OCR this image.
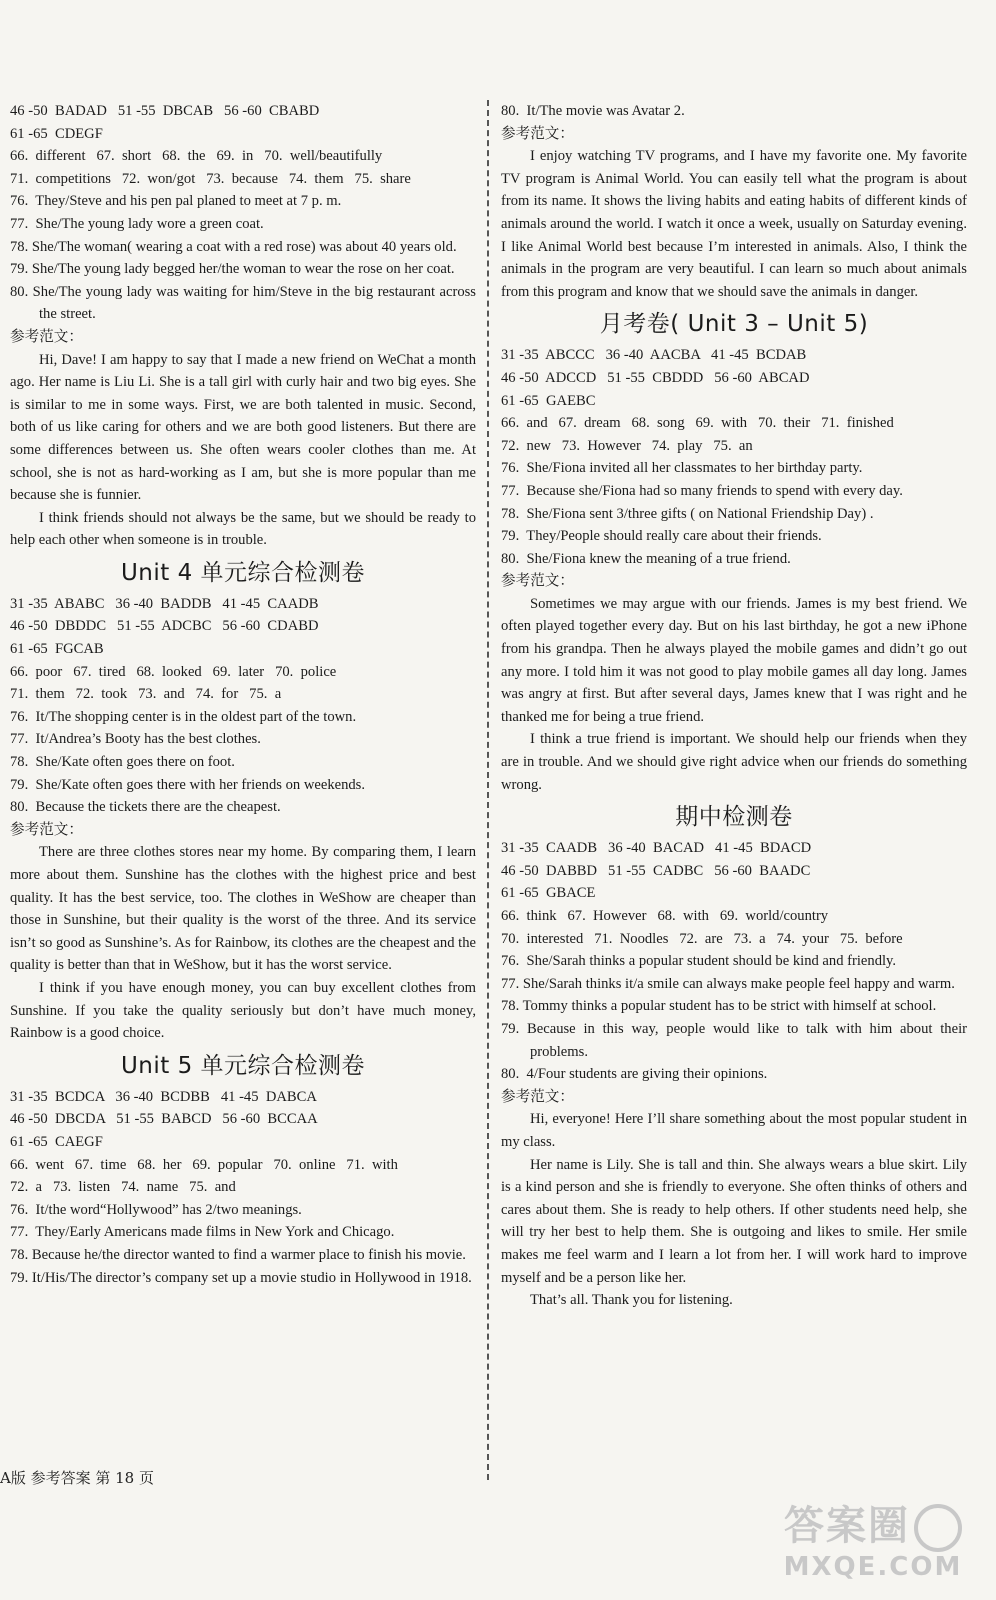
46 -50  BADAD   51 -55  DBCAB   56 -60  CBABD
61 -65  CDEGF
66.  different   67.  short   68.  the   69.  in   70.  well/beautifully
71.  competitions   72.  won/got   73.  because   74.  them   75.  share
76.  They/Steve and his pen pal planed to meet at 7 p. m.
77.  She/The young lady wore a green coat.
78. She/The woman( wearing a coat with a red rose) was about 40 years old.
79. She/The young lady begged her/the woman to wear the rose on her coat.
80. She/The young lady was waiting for him/Steve in the big restaurant across the street.
参考范文：
Hi, Dave! I am happy to say that I made a new friend on WeChat a month ago. Her name is Liu Li. She is a tall girl with curly hair and two big eyes. She is similar to me in some ways. First, we are both talented in music. Second, both of us like caring for others and we are both good listeners. But there are some differences between us. She often wears cooler clothes than me. At school, she is not as hard-working as I am, but she is more popular than me because she is funnier.
I think friends should not always be the same, but we should be ready to help each other when someone is in trouble.
Unit 4 单元综合检测卷
31 -35  ABABC   36 -40  BADDB   41 -45  CAADB
46 -50  DBDDC   51 -55  ADCBC   56 -60  CDABD
61 -65  FGCAB
66.  poor   67.  tired   68.  looked   69.  later   70.  police
71.  them   72.  took   73.  and   74.  for   75.  a
76.  It/The shopping center is in the oldest part of the town.
77.  It/Andrea’s Booty has the best clothes.
78.  She/Kate often goes there on foot.
79.  She/Kate often goes there with her friends on weekends.
80.  Because the tickets there are the cheapest.
参考范文：
There are three clothes stores near my home. By comparing them, I learn more about them. Sunshine has the clothes with the highest price and best quality. It has the best service, too. The clothes in WeShow are cheaper than those in Sunshine, but their quality is the worst of the three. And its service isn’t so good as Sunshine’s. As for Rainbow, its clothes are the cheapest and the quality is better than that in WeShow, but it has the worst service.
I think if you have enough money, you can buy excellent clothes from Sunshine. If you take the quality seriously but don’t have much money, Rainbow is a good choice.
Unit 5 单元综合检测卷
31 -35  BCDCA   36 -40  BCDBB   41 -45  DABCA
46 -50  DBCDA   51 -55  BABCD   56 -60  BCCAA
61 -65  CAEGF
66.  went   67.  time   68.  her   69.  popular   70.  online   71.  with
72.  a   73.  listen   74.  name   75.  and
76.  It/the word“Hollywood” has 2/two meanings.
77.  They/Early Americans made films in New York and Chicago.
78. Because he/the director wanted to find a warmer place to finish his movie.
79. It/His/The director’s company set up a movie studio in Hollywood in 1918.
80.  It/The movie was Avatar 2.
参考范文：
I enjoy watching TV programs, and I have my favorite one. My favorite TV program is Animal World. You can easily tell what the program is about from its name. It shows the living habits and eating habits of different kinds of animals around the world. I watch it once a week, usually on Saturday evening. I like Animal World best because I’m interested in animals. Also, I think the animals in the program are very beautiful. I can learn so much about animals from this program and know that we should save the animals in danger.
月考卷( Unit 3 – Unit 5)
31 -35  ABCCC   36 -40  AACBA   41 -45  BCDAB
46 -50  ADCCD   51 -55  CBDDD   56 -60  ABCAD
61 -65  GAEBC
66.  and   67.  dream   68.  song   69.  with   70.  their   71.  finished
72.  new   73.  However   74.  play   75.  an
76.  She/Fiona invited all her classmates to her birthday party.
77.  Because she/Fiona had so many friends to spend with every day.
78.  She/Fiona sent 3/three gifts ( on National Friendship Day) .
79.  They/People should really care about their friends.
80.  She/Fiona knew the meaning of a true friend.
参考范文：
Sometimes we may argue with our friends. James is my best friend. We often played together every day. But on his last birthday, he got a new iPhone from his grandpa. Then he always played the mobile games and didn’t go out any more. I told him it was not good to play mobile games all day long. James was angry at first. But after several days, James knew that I was right and he thanked me for being a true friend.
I think a true friend is important. We should help our friends when they are in trouble. And we should give right advice when our friends do something wrong.
期中检测卷
31 -35  CAADB   36 -40  BACAD   41 -45  BDACD
46 -50  DABBD   51 -55  CADBC   56 -60  BAADC
61 -65  GBACE
66.  think   67.  However   68.  with   69.  world/country
70.  interested   71.  Noodles   72.  are   73.  a   74.  your   75.  before
76.  She/Sarah thinks a popular student should be kind and friendly.
77. She/Sarah thinks it/a smile can always make people feel happy and warm.
78. Tommy thinks a popular student has to be strict with himself at school.
79. Because in this way, people would like to talk with him about their problems.
80.  4/Four students are giving their opinions.
参考范文：
Hi, everyone! Here I’ll share something about the most popular student in my class.
Her name is Lily. She is tall and thin. She always wears a blue skirt. Lily is a kind person and she is friendly to everyone. She often thinks of others and cares about them. She is ready to help others. If other students need help, she will try her best to help them. She is outgoing and likes to smile. Her smile makes me feel warm and I learn a lot from her. I will work hard to improve myself and be a person like her.
That’s all. Thank you for listening.
A版 参考答案 第 18 页
答案圈
MXQE.COM
